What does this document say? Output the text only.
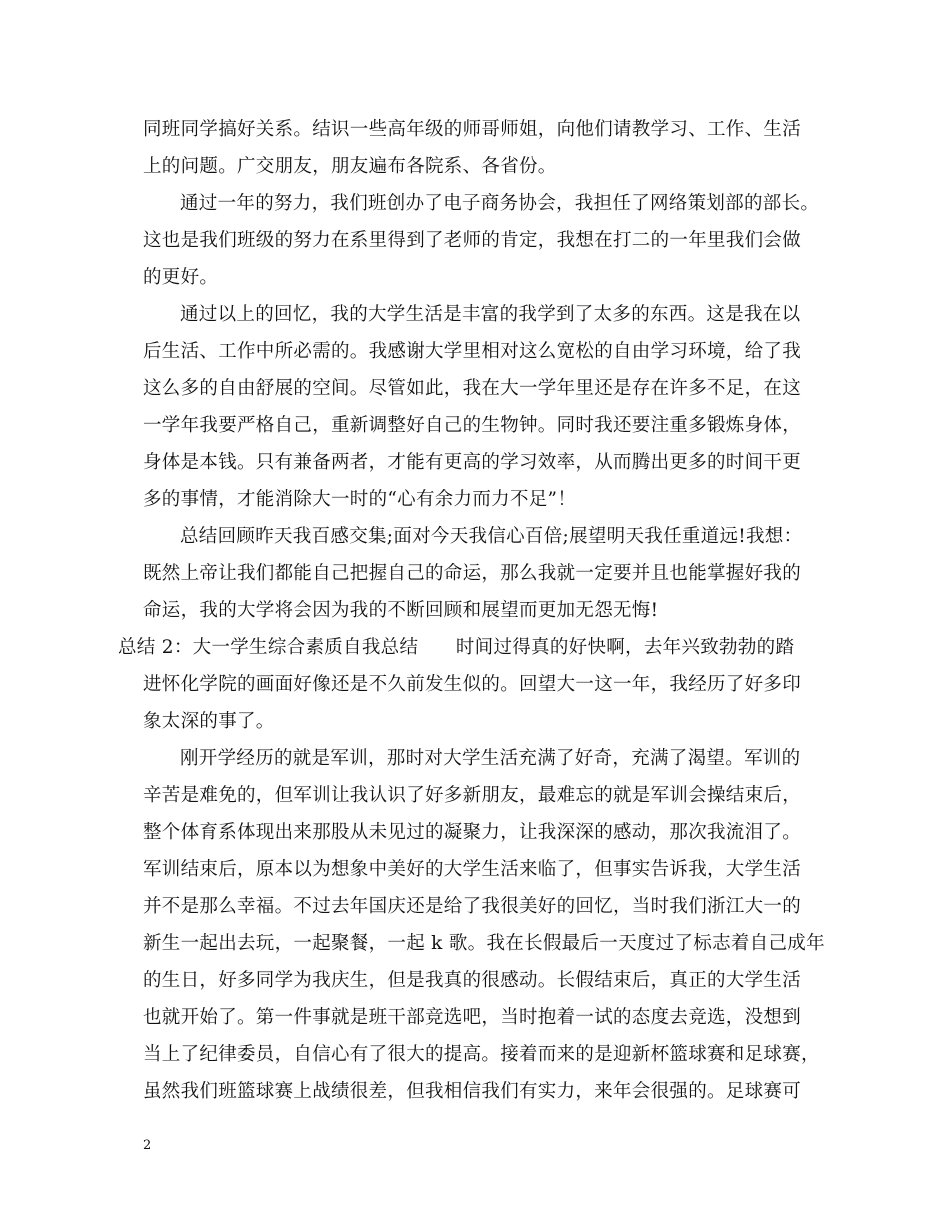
同班同学搞好关系。结识一些高年级的师哥师姐，向他们请教学习、工作、生活
上的问题。广交朋友，朋友遍布各院系、各省份。
通过一年的努力，我们班创办了电子商务协会，我担任了网络策划部的部长。
这也是我们班级的努力在系里得到了老师的肯定，我想在打二的一年里我们会做
的更好。
通过以上的回忆，我的大学生活是丰富的我学到了太多的东西。这是我在以
后生活、工作中所必需的。我感谢大学里相对这么宽松的自由学习环境，给了我
这么多的自由舒展的空间。尽管如此，我在大一学年里还是存在许多不足，在这
一学年我要严格自己，重新调整好自己的生物钟。同时我还要注重多锻炼身体，
身体是本钱。只有兼备两者，才能有更高的学习效率，从而腾出更多的时间干更
多的事情，才能消除大一时的“心有余力而力不足”！
总结回顾昨天我百感交集;面对今天我信心百倍;展望明天我任重道远!我想：
既然上帝让我们都能自己把握自己的命运，那么我就一定要并且也能掌握好我的
命运，我的大学将会因为我的不断回顾和展望而更加无怨无悔!
总结 2：大一学生综合素质自我总结　　时间过得真的好快啊，去年兴致勃勃的踏
进怀化学院的画面好像还是不久前发生似的。回望大一这一年，我经历了好多印
象太深的事了。
刚开学经历的就是军训，那时对大学生活充满了好奇，充满了渴望。军训的
辛苦是难免的，但军训让我认识了好多新朋友，最难忘的就是军训会操结束后，
整个体育系体现出来那股从未见过的凝聚力，让我深深的感动，那次我流泪了。
军训结束后，原本以为想象中美好的大学生活来临了，但事实告诉我，大学生活
并不是那么幸福。不过去年国庆还是给了我很美好的回忆，当时我们浙江大一的
新生一起出去玩，一起聚餐，一起 k 歌。我在长假最后一天度过了标志着自己成年
的生日，好多同学为我庆生，但是我真的很感动。长假结束后，真正的大学生活
也就开始了。第一件事就是班干部竞选吧，当时抱着一试的态度去竞选，没想到
当上了纪律委员，自信心有了很大的提高。接着而来的是迎新杯篮球赛和足球赛，
虽然我们班篮球赛上战绩很差，但我相信我们有实力，来年会很强的。足球赛可
2
